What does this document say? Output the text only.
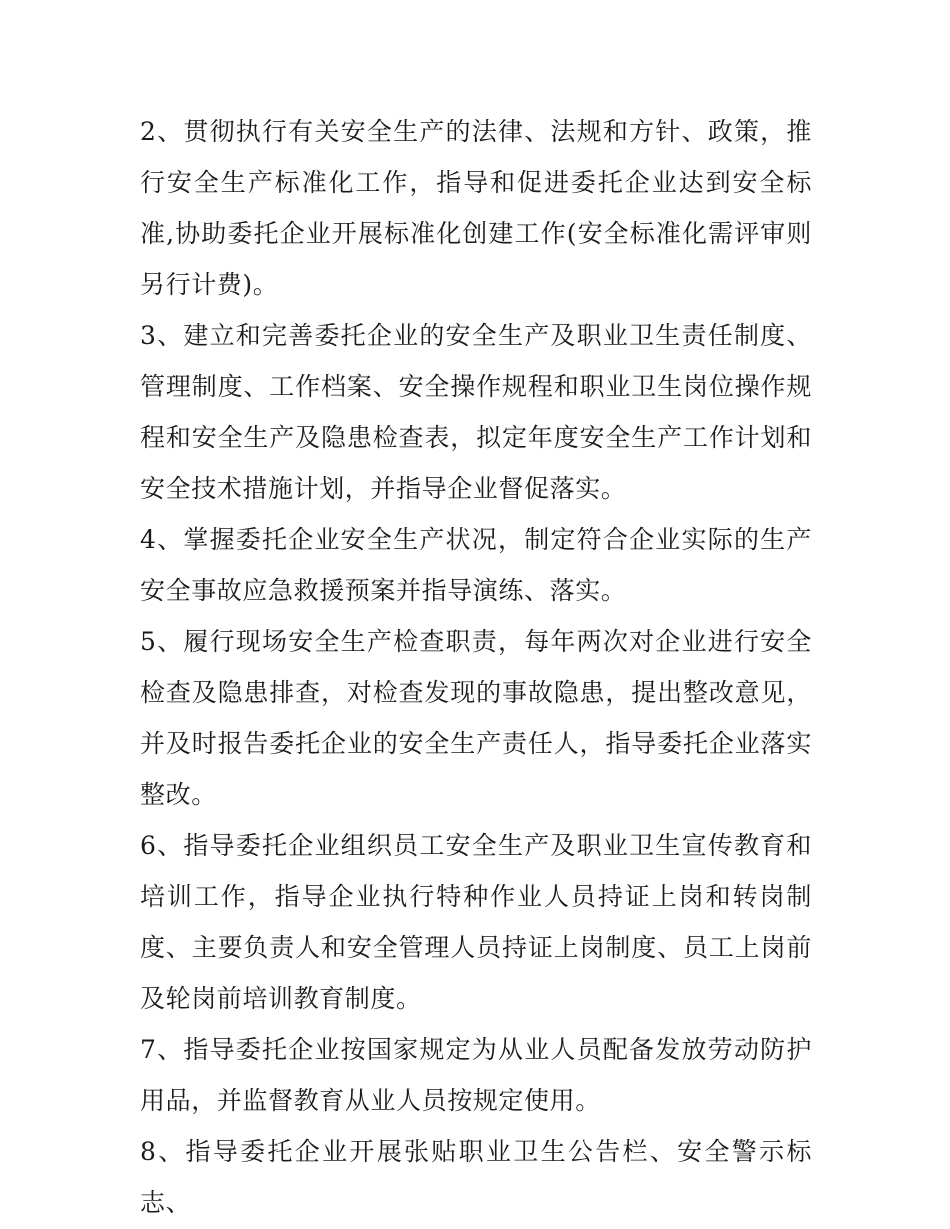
2、贯彻执行有关安全生产的法律、法规和方针、政策，推行安全生产标准化工作，指导和促进委托企业达到安全标准,协助委托企业开展标准化创建工作(安全标准化需评审则另行计费)。

3、建立和完善委托企业的安全生产及职业卫生责任制度、管理制度、工作档案、安全操作规程和职业卫生岗位操作规程和安全生产及隐患检查表，拟定年度安全生产工作计划和安全技术措施计划，并指导企业督促落实。

4、掌握委托企业安全生产状况，制定符合企业实际的生产安全事故应急救援预案并指导演练、落实。

5、履行现场安全生产检查职责，每年两次对企业进行安全检查及隐患排查，对检查发现的事故隐患，提出整改意见，并及时报告委托企业的安全生产责任人，指导委托企业落实整改。

6、指导委托企业组织员工安全生产及职业卫生宣传教育和培训工作，指导企业执行特种作业人员持证上岗和转岗制度、主要负责人和安全管理人员持证上岗制度、员工上岗前及轮岗前培训教育制度。

7、指导委托企业按国家规定为从业人员配备发放劳动防护用品，并监督教育从业人员按规定使用。

8、指导委托企业开展张贴职业卫生公告栏、安全警示标志、
